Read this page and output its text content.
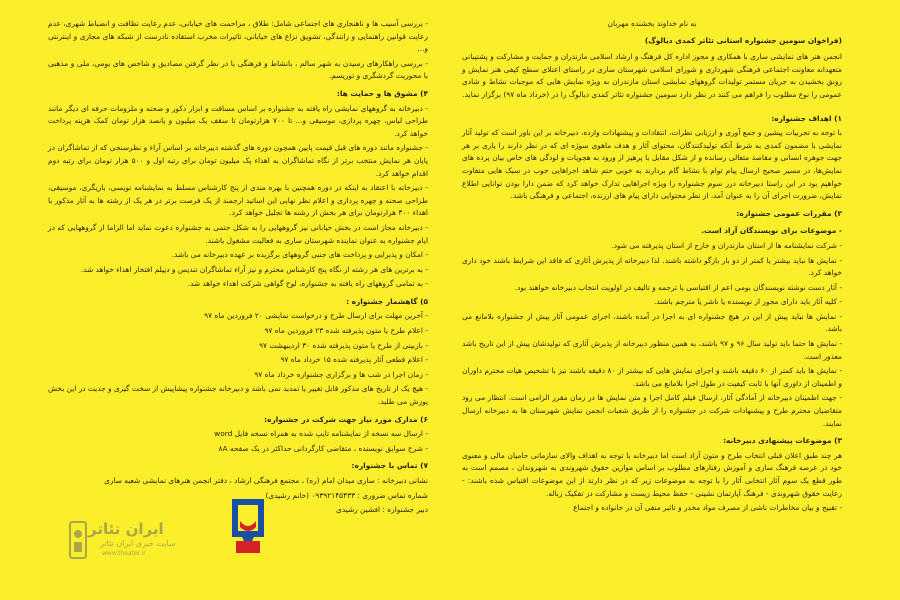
به نام خداوند بخشنده مهربان

(فراخوان سومین جشنواره استانی تئاتر کمدی دیالوگ)

انجمن هنر های نمایشی ساری با همکاری و مجوز اداره کل فرهنگ و ارشاد اسلامی مازندران و حمایت و مشارکت و پشتیبانی متعهدانه معاونت اجتماعی فرهنگی شهرداری و شورای اسلامی شهرستان ساری در راستای اعتلای سطح کیفی هنر نمایش و رونق بخشیدن به جریان مستمر تولیدات گروههای نمایشی استان مازندران به ویژه نمایش هایی که موجبات نشاط و شادی عمومی را نوع مطلوب را فراهم می کنند در نظر دارد سومین جشنواره تئاتر کمدی دیالوگ را در (خرداد ماه ۹۷) برگزار نماید.

۱) اهداف جشنواره:

با توجه به تجربیات پیشین و جمع آوری و ارزیابی نظرات، انتقادات و پیشنهادات وارده، دبیرخانه بر این باور است که تولید آثار نمایشی با مضمون کمدی به شرط آنکه تولیدکنندگان، محتوای آثار و هدف ماهوی سوژه ای که در نظر دارند را یاری بر هر جهت جوهره انسانی و مقاصد متعالی رسانده و از شکل مقابل با پرهیز از ورود به هجویات و لودگی های خاص بیان پرده های نمایش‌ها،‌ در مسیر صحیح ارسال پیام توام با نشاط گام بردارند به خوبی حتم شاهد اجراهایی خوب در سبک هایی متفاوت خواهیم بود در این راستا دبیرخانه درر سوم جشنواره را ویژه اجراهایی تدارک خواهد کرد که ضمن دارا بودن توانایی اطلاع نمایش، ضرورت اجرای آن را به عنوان آمد، از نظر محتوایی دارای پیام های ارزنده، اجتماعی و فرهنگی باشد.

۲) مقررات عمومی جشنواره:

- موضوعات برای نویسندگان آزاد است.

- شرکت نمایشنامه ها از استان مازندران و خارج از استان پذیرفته می شود.

- نمایش ها نباید بیشتر یا کمتر از دو بار بازگو داشته باشند. لذا دبیرخانه از پذیرش آثاری که فاقد این شرایط باشند خود داری خواهد کرد.

- آثار دست نوشته نویسندگان بومی اعم از اقتباسی یا ترجمه و تالیف در اولویت انتخاب دبیرخانه خواهند بود.

- کلیه آثار باید دارای مجوز از نویسنده یا ناشر یا مترجم باشند.

- نمایش ها نباید پیش از این در هیچ جشنواره ای به اجرا در آمده باشند، اجرای عمومی آثار پیش از جشنواره بلامانع می باشد.

- نمایش ها حتما باید تولید سال ۹۶ و ۹۷ باشند، به همین منظور دبیرخانه از پذیرش آثاری که تولیدشان پیش از این تاریخ باشد معذور است.

- نمایش ها باید کمتر از ۶۰ دقیقه باشند و اجرای نمایش هایی که بیشتر از ۸۰ دقیقه باشند نیز با تشخیص هیات محترم داوران و اطمینان از داوری آنها با ثابت کیفیت در طول اجرا بلامانع می باشد.

- جهت اطمینان دبیرخانه از آمادگی آثار، ارسال فیلم کامل اجرا و متن نمایش ها در زمان مقرر الزامی است. انتظار می رود متقاضیان محترم طرح و پیشنهادات شرکت در جشنواره را از طریق شعبات انجمن نمایش شهرستان ها به دبیرخانه ارسال نمایند.

۳) موضوعات پیشنهادی دبیرخانه:

هر چند طبق اعلان قبلی انتخاب طرح و متون آزاد است اما دبیرخانه با توجه به اهداف والای سازمانی حامیان مالی و معنوی خود در عرصه فرهنگ سازی و آموزش رفتارهای مطلوب بر اساس موازین حقوق شهروندی به شهروندان ، مصمم است به طور قطع یک سوم آثار انتخابی آثار را با توجه به موضوعات زیر که در نظر دارند از این موضوعات اقتباس شده باشند: - رعایت حقوق شهروندی - فرهنگ آپارتمان نشینی - حفظ محیط زیست و مشارکت در تفکیک زباله.

- تقبیح و بیان مخاطرات ناشی از مصرف مواد مخدر و تاثیر منفی آن در خانواده و اجتماع

- بررسی آسیب ها و ناهنجاری های اجتماعی شامل: طلاق ، مزاحمت های خیابانی، عدم رعایت نظافت و انضباط شهری، عدم رعایت قوانین راهنمایی و رانندگی، تشویق نزاع های خیابانی، تاثیرات مخرب استفاده نادرست از شبکه های مجازی و اینترنتی و...

- بررسی راهکارهای رسیدن به شهر سالم ، بانشاط و فرهنگی با در نظر گرفتن مصادیق و شاخص های بومی، ملی و مذهبی با محوریت گردشگری و توریسم.

۴) مشوق ها و حمایت ها:

- دبیرخانه به گروههای نمایشی راه یافته به جشنواره بر اساس مسافت و ابزار دکور و صحنه و ملزومات حرفه ای دیگر مانند طراحی لباس، چهره پردازی، موسیقی و... تا ۷۰۰ هزارتومان تا سقف یک میلیون و پانصد هزار تومان کمک هزینه پرداخت خواهد کرد.

- جشنواره مانند دوره های قبل قیمت پایین همچون دوره های گذشته دبیرخانه بر اساس آراء و نظرسنجی که از تماشاگران در پایان هر نمایش منتخب برتر از نگاه تماشاگران به اهداء یک میلیون تومان برای رتبه اول و ۵۰۰ هزار تومان برای رتبه دوم اقدام خواهد کرد.

- دبیرخانه با اعتقاد به اینکه در دوره همچنین با بهره مندی از پنج کارشناس مسلط به نمایشنامه نویسی، بازیگری، موسیقی، طراحی صحنه و چهره پردازی و اعلام نظر نهایی این اساتید ارجمند از یک فرصت برتر در هر یک از رشته ها به آثار مذکور با اهداء ۳۰۰ هزارتومان برای هر بخش از رشته ها تجلیل خواهد کرد.

- دبیرخانه مجاز است در بخش خیابانی نیز گروههایی را به شکل حتمی به جشنواره دعوت نماید اما الزاما از گروههایی که در ایام جشنواره به عنوان نماینده شهرستان ساری به فعالیت مشغول باشند.

- امکان و پذیرایی و پرداخت های جنبی گروههای برگزیده بر عهده دبیرخانه می باشد.

- به برترین های هر رشته از نگاه پنج کارشناس محترم و نیز آراء تماشاگران تندیس و دیپلم افتخار اهداء خواهد شد.

- به تمامی گروههای راه یافته به جشنواره، لوح گواهی شرکت اهداء خواهد شد.

۵) گاهشمار جشنواره :

- آخرین مهلت برای ارسال طرح و درخواست نمایشی ۲۰ فروردین ماه ۹۷

- اعلام طرح یا متون پذیرفته شده ۲۳ فروردین ماه ۹۷

- بازبینی از طرح یا متون پذیرفته شده ۳۰ اردیبهشت ۹۷

- اعلام قطعی آثار پذیرفته شده ۱۵ خرداد ماه ۹۷

- زمان اجرا در شب ها و برگزاری جشنواره خرداد ماه ۹۷

- هیچ یک از تاریخ های مذکور قابل تغییر یا تمدید نمی باشد و دبیرخانه جشنواره پیشاپیش از سخت گیری و جدیت در این بخش پوزش می طلبد.

۶) مدارک مورد نیاز جهت شرکت در جشنواره:

- ارسال سه نسخه از نمایشنامه تایپ شده به همراه نسخه فایل word

- شرح سوابق نویسنده ، متقاضی کارگردانی حداکثر در یک صفحه ۸A

۷) تماس با جشنواره:

نشانی دبیرخانه : ساری میدان امام (ره) ، مجتمع فرهنگی ارشاد ، دفتر انجمن هنرهای نمایشی شعبه ساری

شماره تماس ضروری : ۰۹۳۹۲۱۴۵۴۳۳ (خانم رشیدی)

دبیر جشنواره : افشین رشیدی

ایران تئاتر
سایت خبری ایران تئاتر
www.theater.ir
